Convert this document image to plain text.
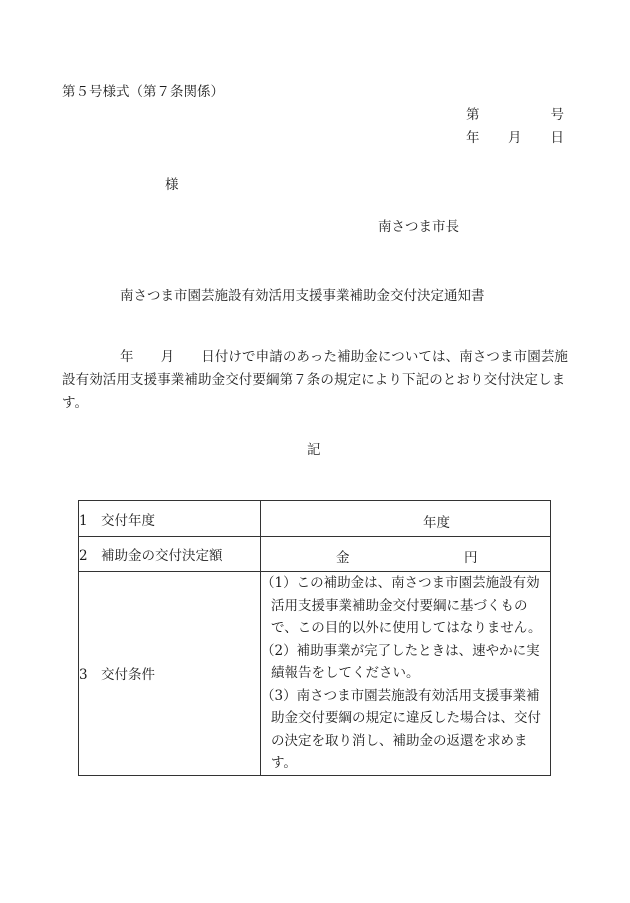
第５号様式（第７条関係）
第	号
年 月 日
様
南さつま市長
南さつま市園芸施設有効活用支援事業補助金交付決定通知書
年 月 日付けで申請のあった補助金については、南さつま市園芸施設有効活用支援事業補助金交付要綱第７条の規定により下記のとおり交付決定します。
記
1 交付年度	年度

2 補助金の交付決定額	金 円

3 交付条件	（1）この補助金は、南さつま市園芸施設有効活用支援事業補助金交付要綱に基づくもので、この目的以外に使用してはなりません。
（2）補助事業が完了したときは、速やかに実績報告をしてください。
（3）南さつま市園芸施設有効活用支援事業補助金交付要綱の規定に違反した場合は、交付の決定を取り消し、補助金の返還を求めます。
